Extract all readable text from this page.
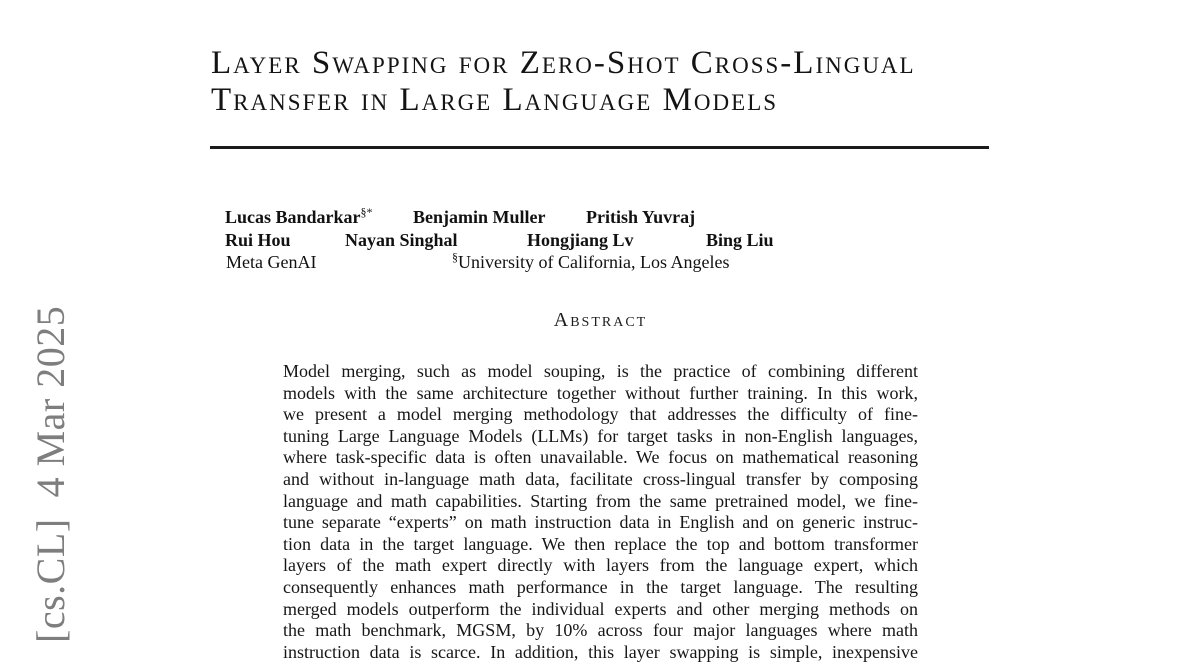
[cs.CL]  4 Mar 2025
Layer Swapping for Zero-Shot Cross-Lingual
Transfer in Large Language Models
Lucas Bandarkar§* Benjamin Muller Pritish Yuvraj
Rui Hou	Nayan Singhal	Hongjiang Lv	Bing Liu
Meta GenAI	§University of California, Los Angeles
Abstract
Model merging, such as model souping, is the practice of combining different
models with the same architecture together without further training. In this work,
we present a model merging methodology that addresses the difficulty of fine-
tuning Large Language Models (LLMs) for target tasks in non-English languages,
where task-specific data is often unavailable. We focus on mathematical reasoning
and without in-language math data, facilitate cross-lingual transfer by composing
language and math capabilities. Starting from the same pretrained model, we fine-
tune separate “experts” on math instruction data in English and on generic instruc-
tion data in the target language. We then replace the top and bottom transformer
layers of the math expert directly with layers from the language expert, which
consequently enhances math performance in the target language. The resulting
merged models outperform the individual experts and other merging methods on
the math benchmark, MGSM, by 10% across four major languages where math
instruction data is scarce. In addition, this layer swapping is simple, inexpensive
